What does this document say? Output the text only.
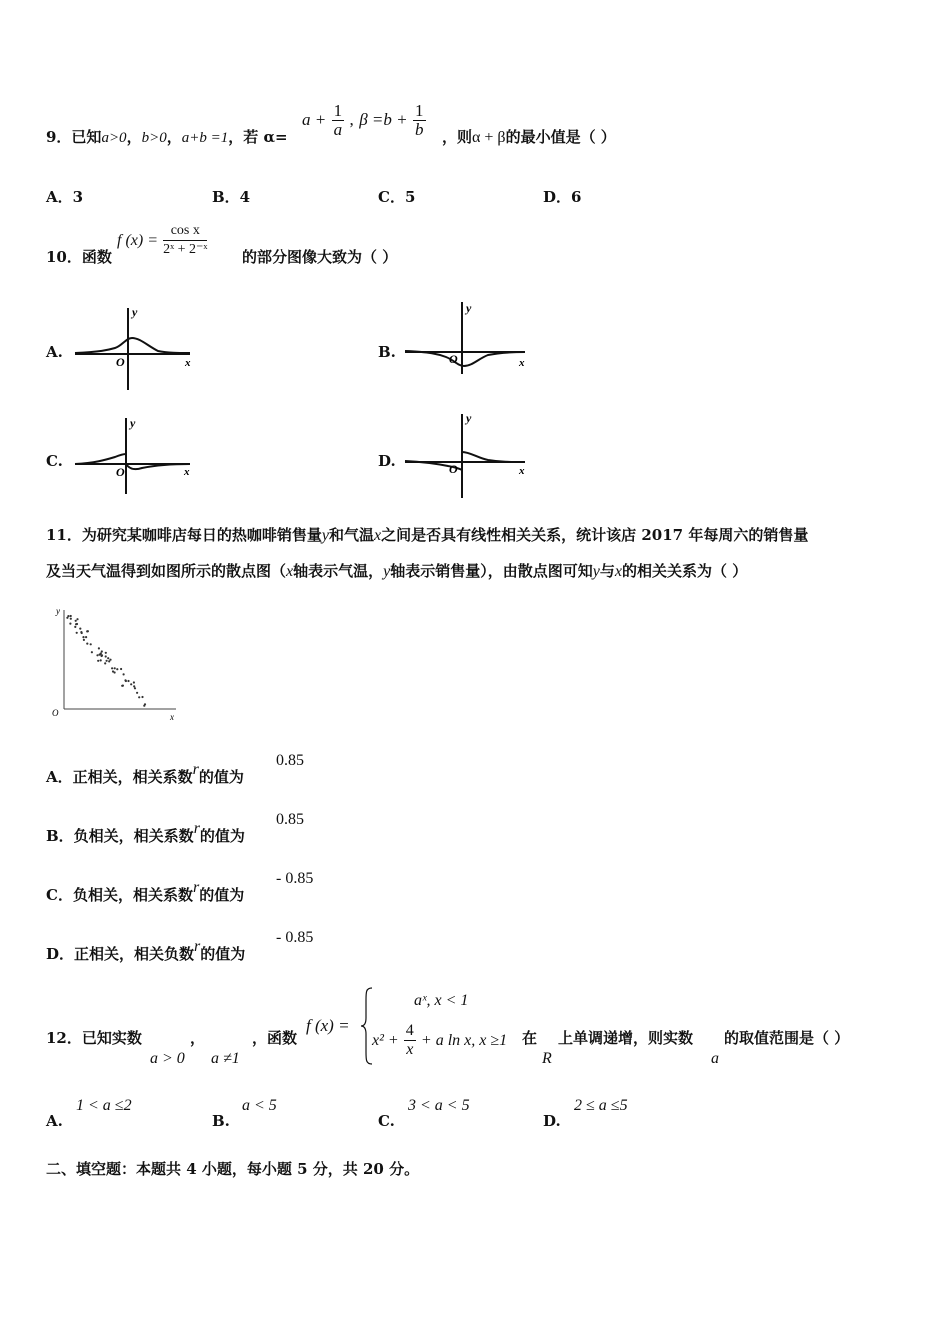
9．已知a>0，b>0，a+b =1，若 α=
$a + \frac{1}{a}$ , $\beta =b + \frac{1}{b}$ ，则α + β的最小值是（ ）
A．3	B．4	C．5	D．6
10．函数
f $(x) = \frac{\text{cos x}}{\text{2ˣ + 2⁻ˣ}}$ 的部分图像大致为（ ）
A.	B.
C.	D.
y
x
O
y
x
O
y
x
O
y
x
O
11．为研究某咖啡店每日的热咖啡销售量y和气温x之间是否具有线性相关关系，统计该店 2017 年每周六的销售量
及当天气温得到如图所示的散点图（x轴表示气温，y轴表示销售量），由散点图可知y与x的相关关系为（ ）
y
x
O
A．正相关，相关系数r的值为
0.85
B．负相关，相关系数r的值为
0.85
C．负相关，相关系数r的值为
- 0.85
D．正相关，相关负数r的值为
- 0.85
12．已知实数	，
a > 0 a ≠1
，函数
f (x) =
aˣ, x < 1
$x^2 + \frac{4}{x} + a$ ln x, x ≥1 在
R
上单调递增，则实数
a
的取值范围是（ ）
A.
1 < a ≤2
B.
a < 5
C.
3 < a < 5
D.
2 ≤ a ≤5
二、填空题：本题共 4 小题，每小题 5 分，共 20 分。
